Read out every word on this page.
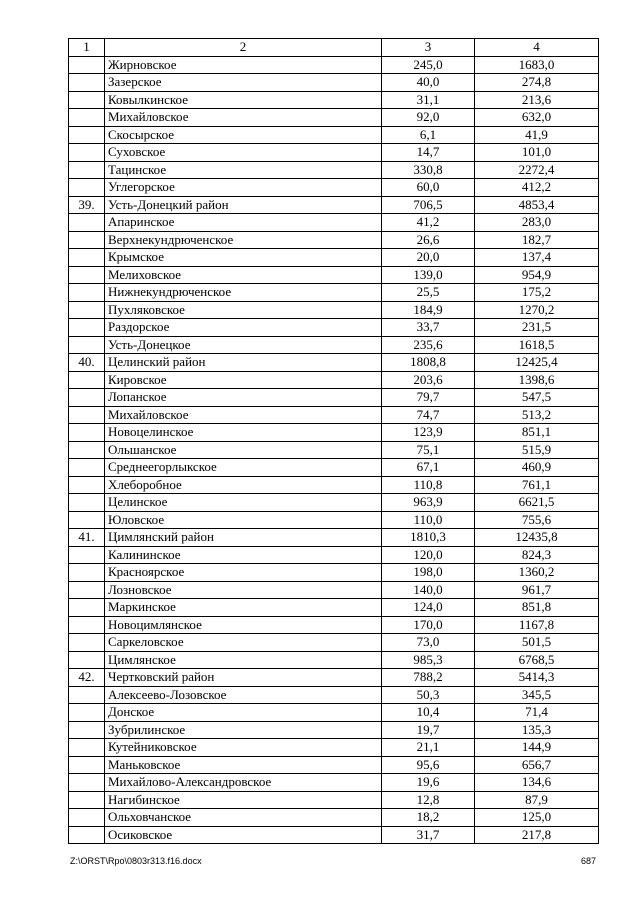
1	2	3	4
	Жирновское	245,0	1683,0
	Зазерское	40,0	274,8
	Ковылкинское	31,1	213,6
	Михайловское	92,0	632,0
	Скосырское	6,1	41,9
	Суховское	14,7	101,0
	Тацинское	330,8	2272,4
	Углегорское	60,0	412,2
39.	Усть-Донецкий район	706,5	4853,4
	Апаринское	41,2	283,0
	Верхнекундрюченское	26,6	182,7
	Крымское	20,0	137,4
	Мелиховское	139,0	954,9
	Нижнекундрюченское	25,5	175,2
	Пухляковское	184,9	1270,2
	Раздорское	33,7	231,5
	Усть-Донецкое	235,6	1618,5
40.	Целинский район	1808,8	12425,4
	Кировское	203,6	1398,6
	Лопанское	79,7	547,5
	Михайловское	74,7	513,2
	Новоцелинское	123,9	851,1
	Ольшанское	75,1	515,9
	Среднеегорлыкское	67,1	460,9
	Хлеборобное	110,8	761,1
	Целинское	963,9	6621,5
	Юловское	110,0	755,6
41.	Цимлянский район	1810,3	12435,8
	Калининское	120,0	824,3
	Красноярское	198,0	1360,2
	Лозновское	140,0	961,7
	Маркинское	124,0	851,8
	Новоцимлянское	170,0	1167,8
	Саркеловское	73,0	501,5
	Цимлянское	985,3	6768,5
42.	Чертковский район	788,2	5414,3
	Алексеево-Лозовское	50,3	345,5
	Донское	10,4	71,4
	Зубрилинское	19,7	135,3
	Кутейниковское	21,1	144,9
	Маньковское	95,6	656,7
	Михайлово-Александровское	19,6	134,6
	Нагибинское	12,8	87,9
	Ольховчанское	18,2	125,0
	Осиковское	31,7	217,8
Z:\ORST\Rpo\0803r313.f16.docx	687
